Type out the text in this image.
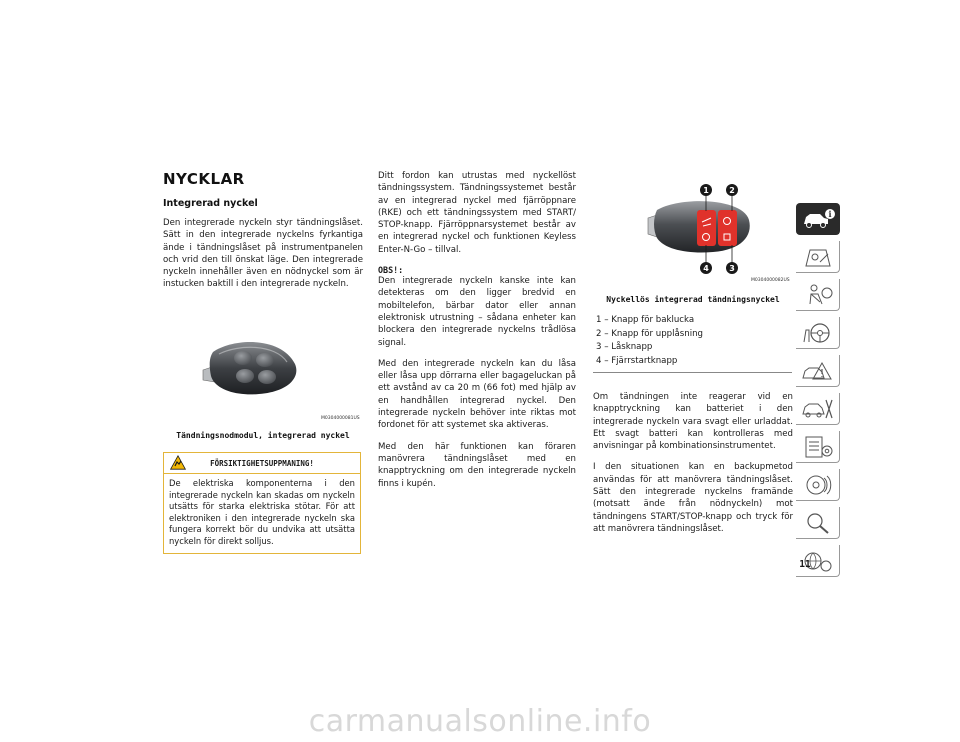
NYCKLAR
Integrerad nyckel

Den integrerade nyckeln styr tändningslåset. Sätt in den integrerade nyckelns fyrkantiga ände i tändningslåset på instrumentpanelen och vrid den till önskat läge. Den integrerade nyckeln innehåller även en nödnyckel som är instucken baktill i den integrerade nyckeln.

M0304000081US
Tändningsnodmodul, integrerad nyckel
FÖRSIKTIGHETSUPPMANING!
De elektriska komponenterna i den integrerade nyckeln kan skadas om nyckeln utsätts för starka elektriska stötar. För att elektroniken i den integrerade nyckeln ska fungera korrekt bör du undvika att utsätta nyckeln för direkt solljus.

Ditt fordon kan utrustas med nyckellöst tändningssystem. Tändningssystemet består av en integrerad nyckel med fjärröppnare (RKE) och ett tändningssystem med START/ STOP-knapp. Fjärröppnarsystemet består av en integrerad nyckel och funktionen Keyless Enter-N-Go – tillval.

OBS!:

Den integrerade nyckeln kanske inte kan detekteras om den ligger bredvid en mobiltelefon, bärbar dator eller annan elektronisk utrustning – sådana enheter kan blockera den integrerade nyckelns trådlösa signal.

Med den integrerade nyckeln kan du låsa eller låsa upp dörrarna eller bagageluckan på ett avstånd av ca 20 m (66 fot) med hjälp av en handhållen integrerad nyckel. Den integrerade nyckeln behöver inte riktas mot fordonet för att systemet ska aktiveras.

Med den här funktionen kan föraren manövrera tändningslåset med en knapptryckning om den integrerade nyckeln finns i kupén.

1	2
4	3
M0304000082US
Nyckellös integrerad tändningsnyckel
1 – Knapp för baklucka
2 – Knapp för upplåsning
3 – Låsknapp
4 – Fjärrstartknapp

Om tändningen inte reagerar vid en knapptryckning kan batteriet i den integrerade nyckeln vara svagt eller urladdat. Ett svagt batteri kan kontrolleras med anvisningar på kombinationsinstrumentet.

I den situationen kan en backupmetod användas för att manövrera tändningslåset. Sätt den integrerade nyckelns framände (motsatt ände från nödnyckeln) mot tändningens START/STOP-knapp och tryck för att manövrera tändningslåset.

i
11
carmanualsonline.info
